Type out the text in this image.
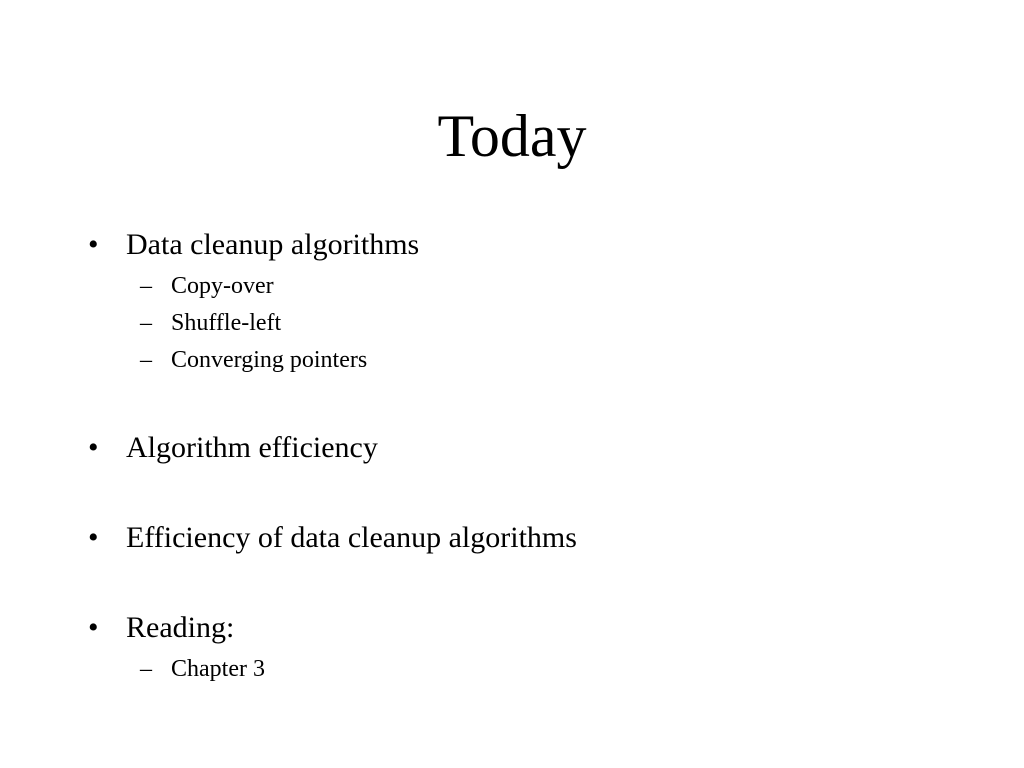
Today
• Data cleanup algorithms
– Copy-over
– Shuffle-left
– Converging pointers
• Algorithm efficiency
• Efficiency of data cleanup algorithms
• Reading:
– Chapter 3
